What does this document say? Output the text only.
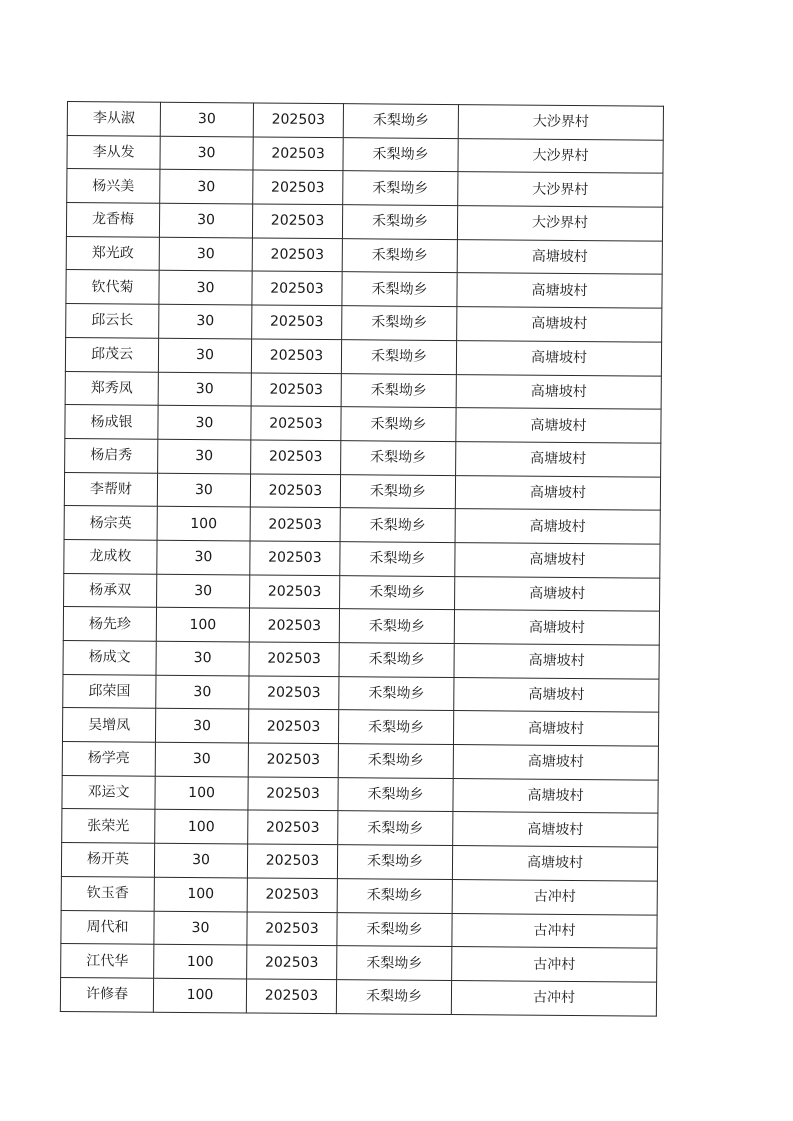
李从淑	30	202503	禾梨坳乡	大沙界村
李从发	30	202503	禾梨坳乡	大沙界村
杨兴美	30	202503	禾梨坳乡	大沙界村
龙香梅	30	202503	禾梨坳乡	大沙界村
郑光政	30	202503	禾梨坳乡	高塘坡村
钦代菊	30	202503	禾梨坳乡	高塘坡村
邱云长	30	202503	禾梨坳乡	高塘坡村
邱茂云	30	202503	禾梨坳乡	高塘坡村
郑秀凤	30	202503	禾梨坳乡	高塘坡村
杨成银	30	202503	禾梨坳乡	高塘坡村
杨启秀	30	202503	禾梨坳乡	高塘坡村
李帮财	30	202503	禾梨坳乡	高塘坡村
杨宗英	100	202503	禾梨坳乡	高塘坡村
龙成枚	30	202503	禾梨坳乡	高塘坡村
杨承双	30	202503	禾梨坳乡	高塘坡村
杨先珍	100	202503	禾梨坳乡	高塘坡村
杨成文	30	202503	禾梨坳乡	高塘坡村
邱荣国	30	202503	禾梨坳乡	高塘坡村
吴增凤	30	202503	禾梨坳乡	高塘坡村
杨学亮	30	202503	禾梨坳乡	高塘坡村
邓运文	100	202503	禾梨坳乡	高塘坡村
张荣光	100	202503	禾梨坳乡	高塘坡村
杨开英	30	202503	禾梨坳乡	高塘坡村
钦玉香	100	202503	禾梨坳乡	古冲村
周代和	30	202503	禾梨坳乡	古冲村
江代华	100	202503	禾梨坳乡	古冲村
许修春	100	202503	禾梨坳乡	古冲村
